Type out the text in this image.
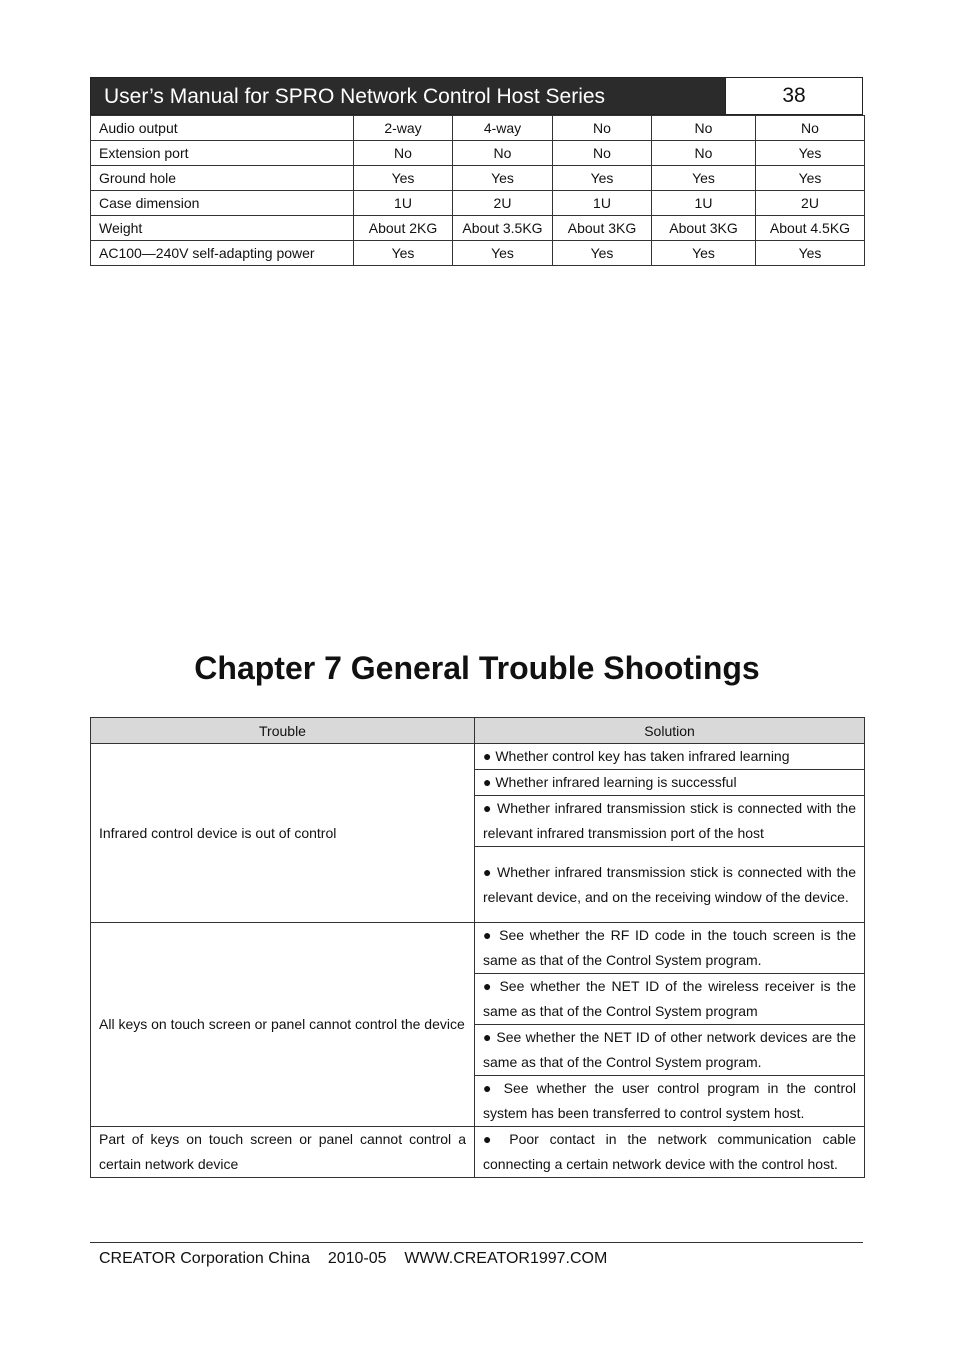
User’s Manual for SPRO Network Control Host Series	38
Audio output	2-way	4-way	No	No	No
Extension port	No	No	No	No	Yes
Ground hole	Yes	Yes	Yes	Yes	Yes
Case dimension	1U	2U	1U	1U	2U
Weight	About 2KG	About 3.5KG	About 3KG	About 3KG	About 4.5KG
AC100—240V self-adapting power	Yes	Yes	Yes	Yes	Yes
Chapter 7 General Trouble Shootings
Trouble	Solution
Infrared control device is out of control	● Whether control key has taken infrared learning
	● Whether infrared learning is successful
	● Whether infrared transmission stick is connected with the relevant infrared transmission port of the host
	● Whether infrared transmission stick is connected with the relevant device, and on the receiving window of the device.
All keys on touch screen or panel cannot control the device	● See whether the RF ID code in the touch screen is the same as that of the Control System program.
	● See whether the NET ID of the wireless receiver is the same as that of the Control System program
	● See whether the NET ID of other network devices are the same as that of the Control System program.
	● See whether the user control program in the control system has been transferred to control system host.
Part of keys on touch screen or panel cannot control a certain network device	● Poor contact in the network communication cable connecting a certain network device with the control host.
CREATOR Corporation China 2010-05 WWW.CREATOR1997.COM
